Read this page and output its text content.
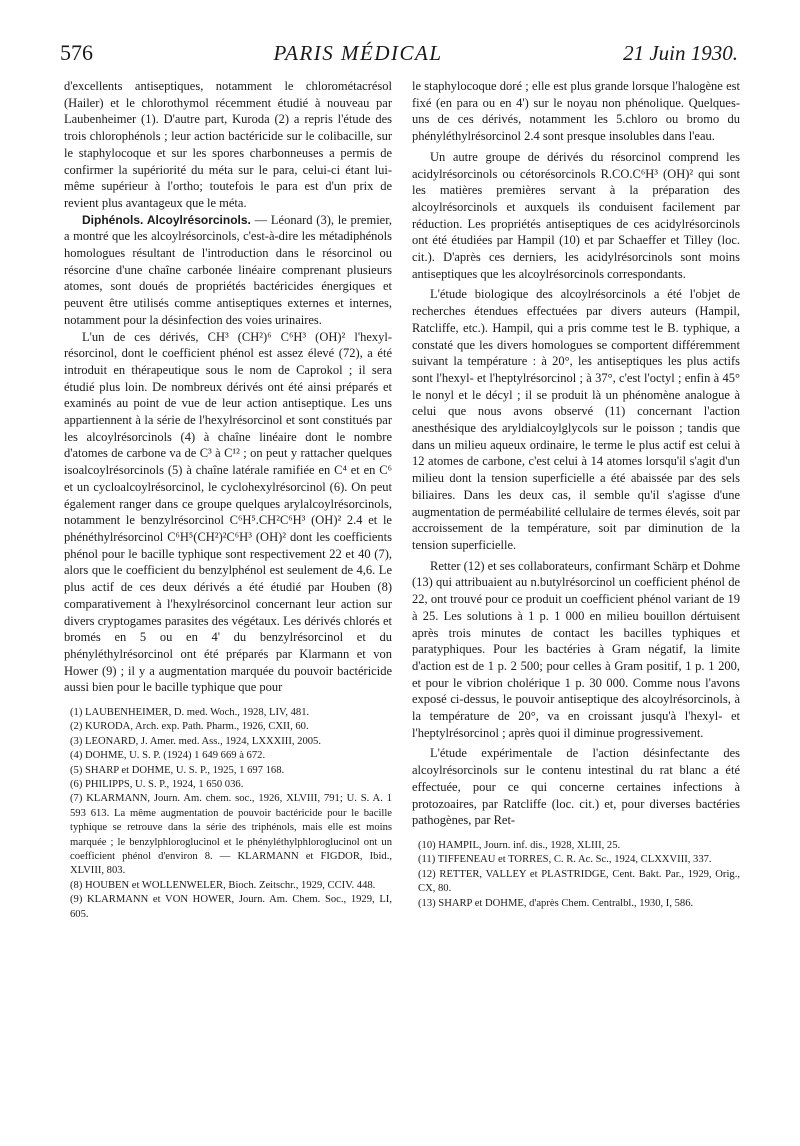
576	PARIS MÉDICAL	21 Juin 1930.

d'excellents antiseptiques, notamment le chlorométacrésol (Hailer) et le chlorothymol récemment étudié à nouveau par Laubenheimer (1). D'autre part, Kuroda (2) a repris l'étude des trois chlorophénols ; leur action bactéricide sur le colibacille, sur le staphylocoque et sur les spores charbonneuses a permis de confirmer la supériorité du méta sur le para, celui-ci étant lui-même supérieur à l'ortho; toutefois le para est d'un prix de revient plus avantageux que le méta.

Diphénols. Alcoylrésorcinols. — Léonard (3), le premier, a montré que les alcoylrésorcinols, c'est-à-dire les métadiphénols homologues résultant de l'introduction dans le résorcinol ou résorcine d'une chaîne carbonée linéaire comprenant plusieurs atomes, sont doués de propriétés bactéricides énergiques et peuvent être utilisés comme antiseptiques externes et internes, notamment pour la désinfection des voies urinaires.

L'un de ces dérivés, CH³ (CH²)⁶ C⁶H³ (OH)² l'hexyl-résorcinol, dont le coefficient phénol est assez élevé (72), a été introduit en thérapeutique sous le nom de Caprokol ; il sera étudié plus loin. De nombreux dérivés ont été ainsi préparés et examinés au point de vue de leur action antiseptique. Les uns appartiennent à la série de l'hexylrésorcinol et sont constitués par les alcoylrésorcinols (4) à chaîne linéaire dont le nombre d'atomes de carbone va de C³ à C¹² ; on peut y rattacher quelques isoalcoylrésorcinols (5) à chaîne latérale ramifiée en C⁴ et en C⁶ et un cycloalcoylrésorcinol, le cyclohexylrésorcinol (6). On peut également ranger dans ce groupe quelques arylalcoylrésorcinols, notamment le benzylrésorcinol C⁶H⁵.CH²C⁶H³ (OH)² 2.4 et le phénéthylrésorcinol C⁶H⁵(CH²)²C⁶H³ (OH)² dont les coefficients phénol pour le bacille typhique sont respectivement 22 et 40 (7), alors que le coefficient du benzylphénol est seulement de 4,6. Le plus actif de ces deux dérivés a été étudié par Houben (8) comparativement à l'hexylrésorcinol concernant leur action sur divers cryptogames parasites des végétaux. Les dérivés chlorés et bromés en 5 ou en 4' du benzylrésorcinol et du phényléthylrésorcinol ont été préparés par Klarmann et von Hower (9) ; il y a augmentation marquée du pouvoir bactéricide aussi bien pour le bacille typhique que pour

(1) LAUBENHEIMER, D. med. Woch., 1928, LIV, 481.
(2) KURODA, Arch. exp. Path. Pharm., 1926, CXII, 60.
(3) LEONARD, J. Amer. med. Ass., 1924, LXXXIII, 2005.
(4) DOHME, U. S. P. (1924) 1 649 669 à 672.
(5) SHARP et DOHME, U. S. P., 1925, 1 697 168.
(6) PHILIPPS, U. S. P., 1924, 1 650 036.
(7) KLARMANN, Journ. Am. chem. soc., 1926, XLVIII, 791; U. S. A. 1 593 613. La même augmentation de pouvoir bactéricide pour le bacille typhique se retrouve dans la série des triphénols, mais elle est moins marquée ; le benzylphloroglucinol et le phényléthylphloroglucinol ont un coefficient phénol d'environ 8. — KLARMANN et FIGDOR, Ibid., XLVIII, 803.
(8) HOUBEN et WOLLENWELER, Bioch. Zeitschr., 1929, CCIV. 448.
(9) KLARMANN et VON HOWER, Journ. Am. Chem. Soc., 1929, LI, 605.

le staphylocoque doré ; elle est plus grande lorsque l'halogène est fixé (en para ou en 4') sur le noyau non phénolique. Quelques-uns de ces dérivés, notamment les 5.chloro ou bromo du phényléthylrésorcinol 2.4 sont presque insolubles dans l'eau.

Un autre groupe de dérivés du résorcinol comprend les acidylrésorcinols ou cétorésorcinols R.CO.C⁶H³ (OH)² qui sont les matières premières servant à la préparation des alcoylrésorcinols et auxquels ils conduisent facilement par réduction. Les propriétés antiseptiques de ces acidylrésorcinols ont été étudiées par Hampil (10) et par Schaeffer et Tilley (loc. cit.). D'après ces derniers, les acidylrésorcinols sont moins antiseptiques que les alcoylrésorcinols correspondants.

L'étude biologique des alcoylrésorcinols a été l'objet de recherches étendues effectuées par divers auteurs (Hampil, Ratcliffe, etc.). Hampil, qui a pris comme test le B. typhique, a constaté que les divers homologues se comportent différemment suivant la température : à 20°, les antiseptiques les plus actifs sont l'hexyl- et l'heptylrésorcinol ; à 37°, c'est l'octyl ; enfin à 45° le nonyl et le décyl ; il se produit là un phénomène analogue à celui que nous avons observé (11) concernant l'action anesthésique des aryldialcoylglycols sur le poisson ; tandis que dans un milieu aqueux ordinaire, le terme le plus actif est celui à 12 atomes de carbone, c'est celui à 14 atomes lorsqu'il s'agit d'un milieu dont la tension superficielle a été abaissée par des sels biliaires. Dans les deux cas, il semble qu'il s'agisse d'une augmentation de perméabilité cellulaire de termes élevés, soit par accroissement de la température, soit par diminution de la tension superficielle.

Retter (12) et ses collaborateurs, confirmant Schärp et Dohme (13) qui attribuaient au n.butylrésorcinol un coefficient phénol de 22, ont trouvé pour ce produit un coefficient phénol variant de 19 à 25. Les solutions à 1 p. 1 000 en milieu bouillon dértuisent après trois minutes de contact les bacilles typhiques et paratyphiques. Pour les bactéries à Gram négatif, la limite d'action est de 1 p. 2 500; pour celles à Gram positif, 1 p. 1 200, et pour le vibrion cholérique 1 p. 30 000. Comme nous l'avons exposé ci-dessus, le pouvoir antiseptique des alcoylrésorcinols, à la température de 20°, va en croissant jusqu'à l'hexyl- et l'heptylrésorcinol ; après quoi il diminue progressivement.

L'étude expérimentale de l'action désinfectante des alcoylrésorcinols sur le contenu intestinal du rat blanc a été effectuée, pour ce qui concerne certaines infections à protozoaires, par Ratcliffe (loc. cit.) et, pour diverses bactéries pathogènes, par Ret-

(10) HAMPIL, Journ. inf. dis., 1928, XLIII, 25.
(11) TIFFENEAU et TORRES, C. R. Ac. Sc., 1924, CLXXVIII, 337.
(12) RETTER, VALLEY et PLASTRIDGE, Cent. Bakt. Par., 1929, Orig., CX, 80.
(13) SHARP et DOHME, d'après Chem. Centralbl., 1930, I, 586.
